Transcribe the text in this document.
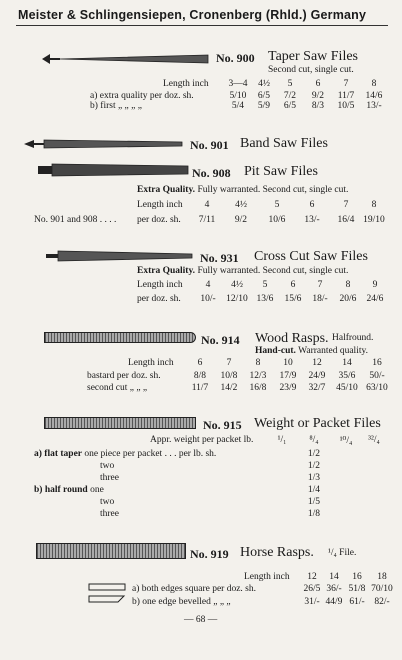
Meister & Schlingensiepen, Cronenberg (Rhld.) Germany
No. 900 Taper Saw Files
Second cut, single cut.
Length inch	3—4	4½	5	6	7	8
a) extra quality per doz. sh.	5/10	6/5	7/2	9/2	11/7	14/6
b) first „ „ „ „	5/4	5/9	6/5	8/3	10/5	13/-
No. 901 Band Saw Files
No. 908 Pit Saw Files
Extra Quality. Fully warranted. Second cut, single cut.
Length inch	4	4½	5	6	7	8
No. 901 and 908 . . . . per doz. sh.	7/11	9/2	10/6	13/-	16/4 19/10
No. 931 Cross Cut Saw Files
Extra Quality. Fully warranted. Second cut, single cut.
Length inch	4	4½	5	6	7	8	9
per doz. sh.	10/-	12/10 13/6	15/6	18/-	20/6	24/6
No. 914 Wood Rasps. Halfround.
Hand-cut. Warranted quality.
Length inch	6	7	8	10	12	14	16
bastard per doz. sh.	8/8	10/8	12/3	17/9	24/9	35/6	50/-
second cut „ „ „	11/7	14/2	16/8	23/9	32/7	45/10 63/10
No. 915 Weight or Packet Files
Appr. weight per packet lb.	¹/₁	⁸/₄	¹⁰/₄	³²/₄
a) flat taper one piece per packet . . . per lb. sh.	1/2
two	1/2
three	1/3
b) half round one	1/4
two	1/5
three	1/8
No. 919 Horse Rasps. ¹/₄ File.
Length inch	12	14	16	18
a) both edges square per doz. sh.	26/5 36/- 51/8 70/10
b) one edge bevelled „ „ „	31/- 44/9 61/-	82/-
— 68 —
